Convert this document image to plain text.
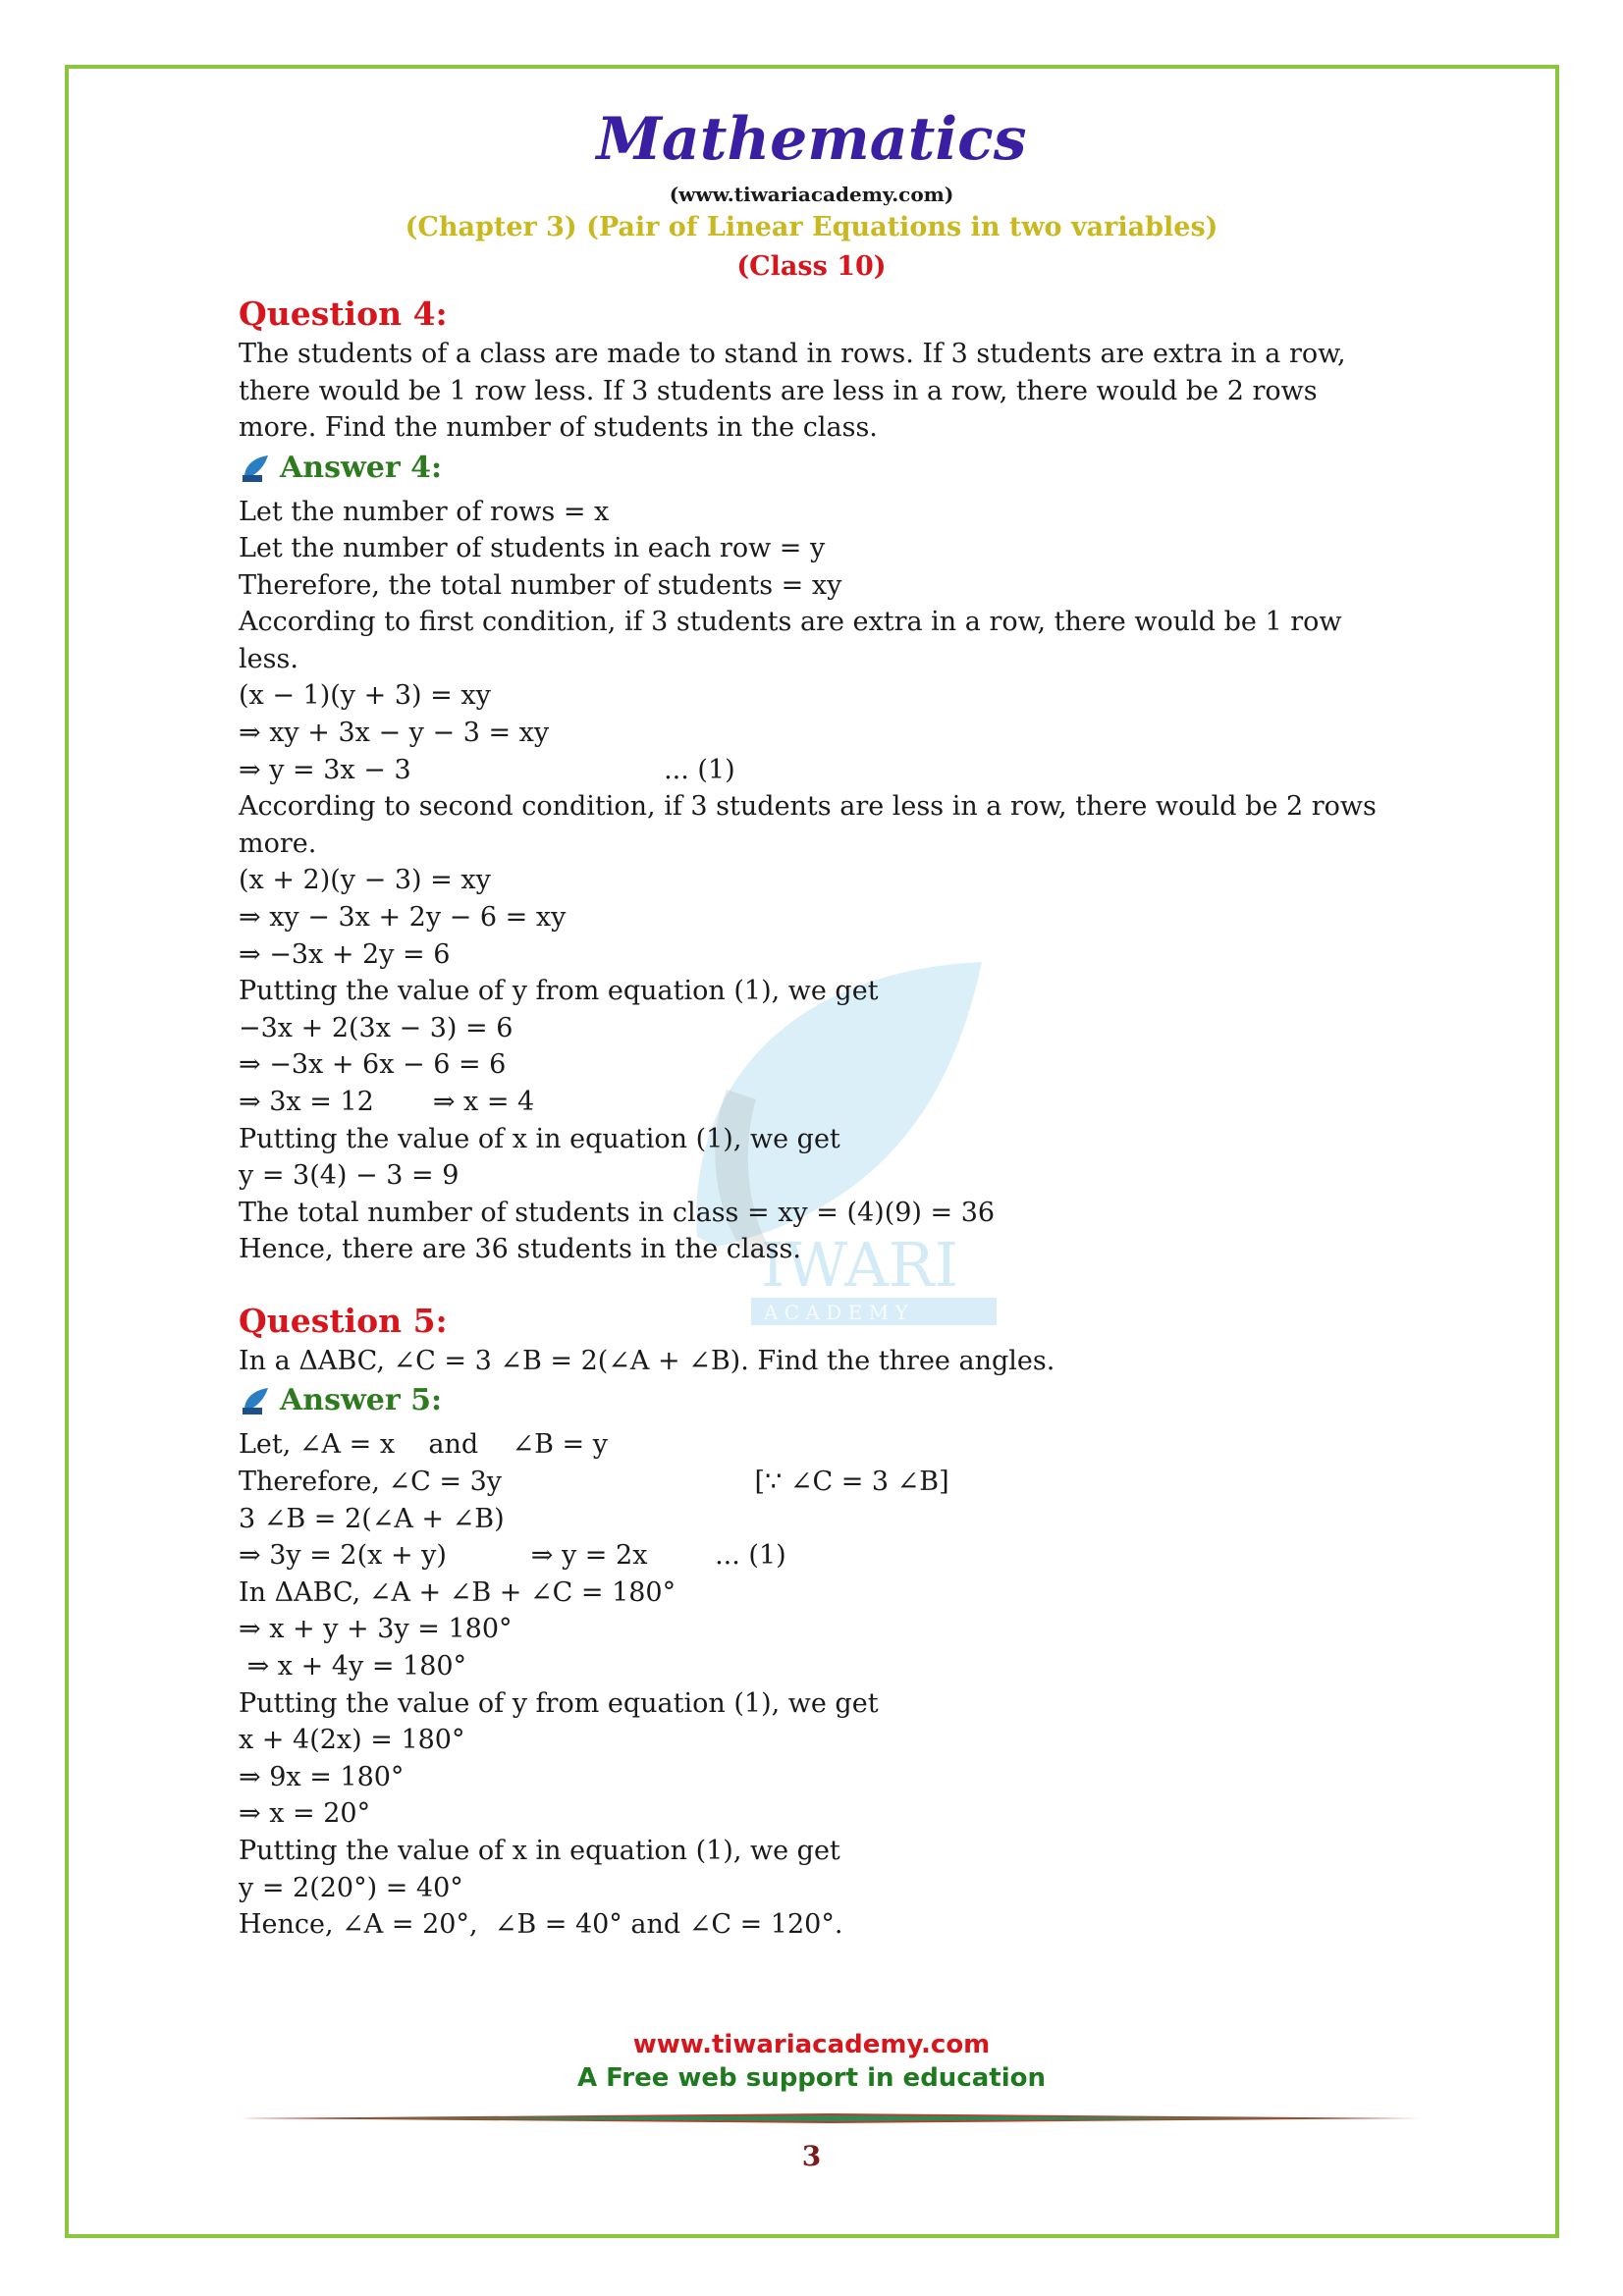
IWARI
A C A D E M Y
Mathematics
(www.tiwariacademy.com)
(Chapter 3) (Pair of Linear Equations in two variables)
(Class 10)

Question 4:

The students of a class are made to stand in rows. If 3 students are extra in a row, there would be 1 row less. If 3 students are less in a row, there would be 2 rows more. Find the number of students in the class.

Answer 4:

Let the number of rows = x

Let the number of students in each row = y

Therefore, the total number of students = xy

According to first condition, if 3 students are extra in a row, there would be 1 row less.

(x − 1)(y + 3) = xy

⇒ xy + 3x − y − 3 = xy

⇒ y = 3x − 3                              ... (1)

According to second condition, if 3 students are less in a row, there would be 2 rows more.

(x + 2)(y − 3) = xy

⇒ xy − 3x + 2y − 6 = xy

⇒ −3x + 2y = 6

Putting the value of y from equation (1), we get

−3x + 2(3x − 3) = 6

⇒ −3x + 6x − 6 = 6

⇒ 3x = 12       ⇒ x = 4

Putting the value of x in equation (1), we get

y = 3(4) − 3 = 9

The total number of students in class = xy = (4)(9) = 36

Hence, there are 36 students in the class.

Question 5:

In a ΔABC, ∠C = 3 ∠B = 2(∠A + ∠B). Find the three angles.

Answer 5:

Let, ∠A = x    and    ∠B = y

Therefore, ∠C = 3y                              [∵ ∠C = 3 ∠B]

3 ∠B = 2(∠A + ∠B)

⇒ 3y = 2(x + y)          ⇒ y = 2x        ... (1)

In ΔABC, ∠A + ∠B + ∠C = 180°

⇒ x + y + 3y = 180°

⇒ x + 4y = 180°

Putting the value of y from equation (1), we get

x + 4(2x) = 180°

⇒ 9x = 180°

⇒ x = 20°

Putting the value of x in equation (1), we get

y = 2(20°) = 40°

Hence, ∠A = 20°,  ∠B = 40° and ∠C = 120°.

www.tiwariacademy.com
A Free web support in education
3
